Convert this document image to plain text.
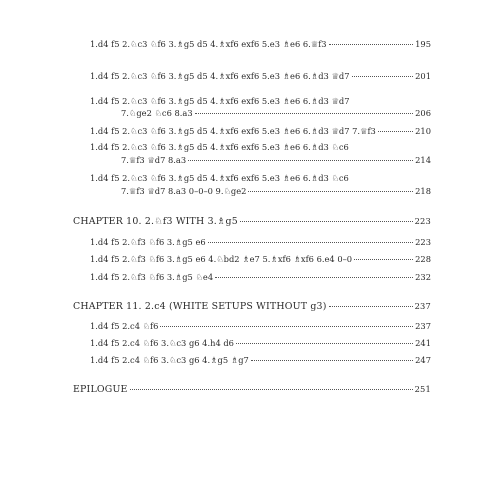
1.d4 f5 2.♘c3 ♘f6 3.♗g5 d5 4.♗xf6 exf6 5.e3 ♗e6 6.♕f3	195
1.d4 f5 2.♘c3 ♘f6 3.♗g5 d5 4.♗xf6 exf6 5.e3 ♗e6 6.♗d3 ♕d7	201
1.d4 f5 2.♘c3 ♘f6 3.♗g5 d5 4.♗xf6 exf6 5.e3 ♗e6 6.♗d3 ♕d7
7.♘ge2 ♘c6 8.a3	206
1.d4 f5 2.♘c3 ♘f6 3.♗g5 d5 4.♗xf6 exf6 5.e3 ♗e6 6.♗d3 ♕d7 7.♕f3	210
1.d4 f5 2.♘c3 ♘f6 3.♗g5 d5 4.♗xf6 exf6 5.e3 ♗e6 6.♗d3 ♘c6
7.♕f3 ♕d7 8.a3	214
1.d4 f5 2.♘c3 ♘f6 3.♗g5 d5 4.♗xf6 exf6 5.e3 ♗e6 6.♗d3 ♘c6
7.♕f3 ♕d7 8.a3 0–0–0 9.♘ge2	218
CHAPTER 10. 2.♘f3 WITH 3.♗g5	223
1.d4 f5 2.♘f3 ♘f6 3.♗g5 e6	223
1.d4 f5 2.♘f3 ♘f6 3.♗g5 e6 4.♘bd2 ♗e7 5.♗xf6 ♗xf6 6.e4 0–0	228
1.d4 f5 2.♘f3 ♘f6 3.♗g5 ♘e4	232
CHAPTER 11. 2.c4 (WHITE SETUPS WITHOUT g3)	237
1.d4 f5 2.c4 ♘f6	237
1.d4 f5 2.c4 ♘f6 3.♘c3 g6 4.h4 d6	241
1.d4 f5 2.c4 ♘f6 3.♘c3 g6 4.♗g5 ♗g7	247
EPILOGUE	251
